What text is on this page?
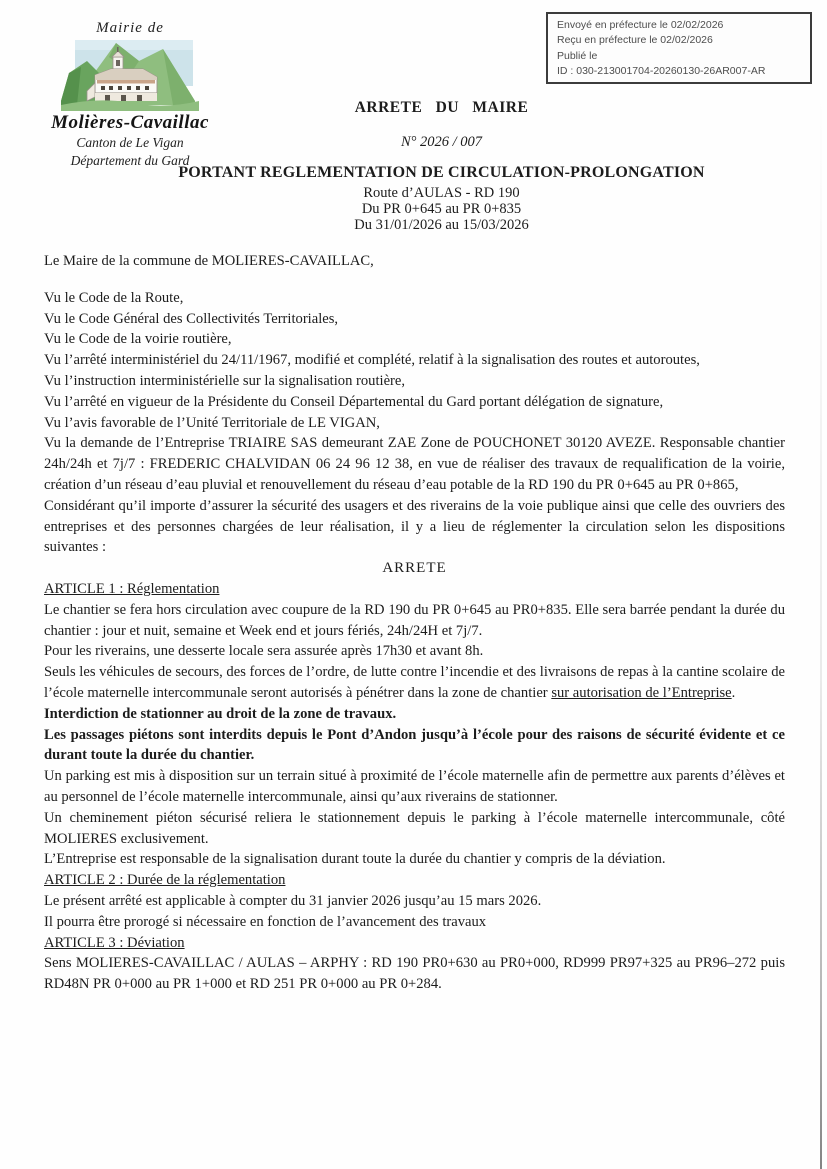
Envoyé en préfecture le 02/02/2026
Reçu en préfecture le 02/02/2026
Publié le
ID : 030-213001704-20260130-26AR007-AR
Mairie de
Molières-Cavaillac
Canton de Le Vigan
Département du Gard
ARRETE DU MAIRE
N° 2026 / 007
PORTANT REGLEMENTATION DE CIRCULATION-PROLONGATION
Route d’AULAS - RD 190
Du PR 0+645 au PR 0+835
Du 31/01/2026 au 15/03/2026

Le Maire de la commune de MOLIERES-CAVAILLAC,

Vu le Code de la Route,

Vu le Code Général des Collectivités Territoriales,

Vu le Code de la voirie routière,

Vu l’arrêté interministériel du 24/11/1967, modifié et complété, relatif à la signalisation des routes et autoroutes,

Vu l’instruction interministérielle sur la signalisation routière,

Vu l’arrêté en vigueur de la Présidente du Conseil Départemental du Gard portant délégation de signature,

Vu l’avis favorable de l’Unité Territoriale de LE VIGAN,

Vu la demande de l’Entreprise TRIAIRE SAS demeurant ZAE Zone de POUCHONET 30120 AVEZE. Responsable chantier 24h/24h et 7j/7 : FREDERIC CHALVIDAN 06 24 96 12 38, en vue de réaliser des travaux de requalification de la voirie, création d’un réseau d’eau pluvial et renouvellement du réseau d’eau potable de la RD 190 du PR 0+645 au PR 0+865,

Considérant qu’il importe d’assurer la sécurité des usagers et des riverains de la voie publique ainsi que celle des ouvriers des entreprises et des personnes chargées de leur réalisation, il y a lieu de réglementer la circulation selon les dispositions suivantes :

ARRETE

ARTICLE 1 : Réglementation

Le chantier se fera hors circulation avec coupure de la RD 190 du PR 0+645 au PR0+835. Elle sera barrée pendant la durée du chantier : jour et nuit, semaine et Week end et jours fériés, 24h/24H et 7j/7.

Pour les riverains, une desserte locale sera assurée après 17h30 et avant 8h.

Seuls les véhicules de secours, des forces de l’ordre, de lutte contre l’incendie et des livraisons de repas à la cantine scolaire de l’école maternelle intercommunale seront autorisés à pénétrer dans la zone de chantier sur autorisation de l’Entreprise.

Interdiction de stationner au droit de la zone de travaux.

Les passages piétons sont interdits depuis le Pont d’Andon jusqu’à l’école pour des raisons de sécurité évidente et ce durant toute la durée du chantier.

Un parking est mis à disposition sur un terrain situé à proximité de l’école maternelle afin de permettre aux parents d’élèves et au personnel de l’école maternelle intercommunale, ainsi qu’aux riverains de stationner.

Un cheminement piéton sécurisé reliera le stationnement depuis le parking à l’école maternelle intercommunale, côté MOLIERES exclusivement.

L’Entreprise est responsable de la signalisation durant toute la durée du chantier y compris de la déviation.

ARTICLE 2 : Durée de la réglementation

Le présent arrêté est applicable à compter du 31 janvier 2026 jusqu’au 15 mars 2026.

Il pourra être prorogé si nécessaire en fonction de l’avancement des travaux

ARTICLE 3 : Déviation

Sens MOLIERES-CAVAILLAC / AULAS – ARPHY : RD 190 PR0+630 au PR0+000, RD999 PR97+325 au PR96–272 puis RD48N PR 0+000 au PR 1+000 et RD 251 PR 0+000 au PR 0+284.
